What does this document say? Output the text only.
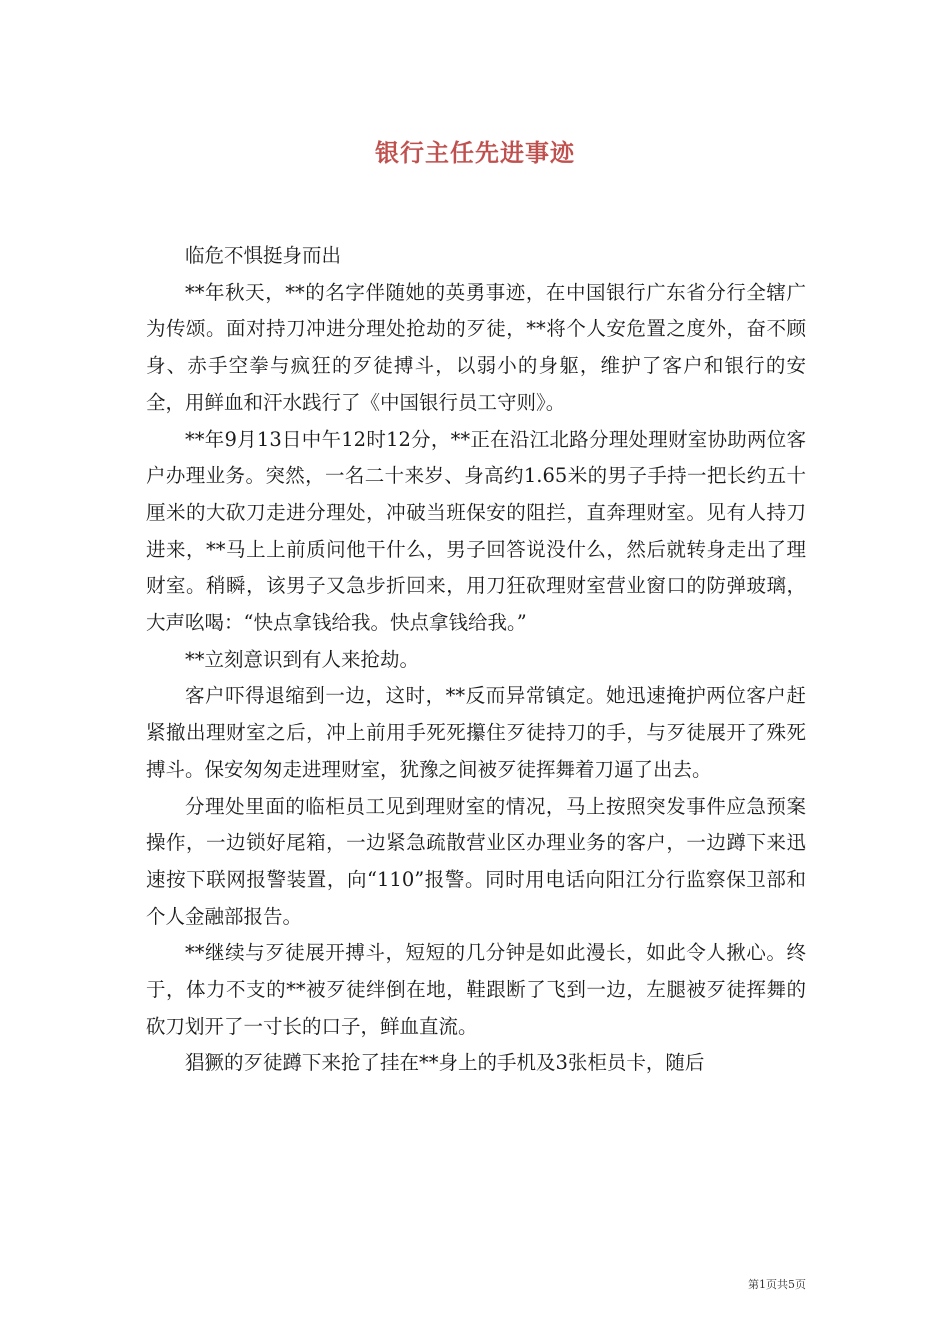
银行主任先进事迹

临危不惧挺身而出

**年秋天，**的名字伴随她的英勇事迹，在中国银行广东省分行全辖广为传颂。面对持刀冲进分理处抢劫的歹徒，**将个人安危置之度外，奋不顾身、赤手空拳与疯狂的歹徒搏斗，以弱小的身躯，维护了客户和银行的安全，用鲜血和汗水践行了《中国银行员工守则》。

**年9月13日中午12时12分，**正在沿江北路分理处理财室协助两位客户办理业务。突然，一名二十来岁、身高约1.65米的男子手持一把长约五十厘米的大砍刀走进分理处，冲破当班保安的阻拦，直奔理财室。见有人持刀进来，**马上上前质问他干什么，男子回答说没什么，然后就转身走出了理财室。稍瞬，该男子又急步折回来，用刀狂砍理财室营业窗口的防弹玻璃，大声吆喝：“快点拿钱给我。快点拿钱给我。”

**立刻意识到有人来抢劫。

客户吓得退缩到一边，这时，**反而异常镇定。她迅速掩护两位客户赶紧撤出理财室之后，冲上前用手死死攥住歹徒持刀的手，与歹徒展开了殊死搏斗。保安匆匆走进理财室，犹豫之间被歹徒挥舞着刀逼了出去。

分理处里面的临柜员工见到理财室的情况，马上按照突发事件应急预案操作，一边锁好尾箱，一边紧急疏散营业区办理业务的客户，一边蹲下来迅速按下联网报警装置，向“110”报警。同时用电话向阳江分行监察保卫部和个人金融部报告。

**继续与歹徒展开搏斗，短短的几分钟是如此漫长，如此令人揪心。终于，体力不支的**被歹徒绊倒在地，鞋跟断了飞到一边，左腿被歹徒挥舞的砍刀划开了一寸长的口子，鲜血直流。

猖獗的歹徒蹲下来抢了挂在**身上的手机及3张柜员卡，随后

第1页共5页
